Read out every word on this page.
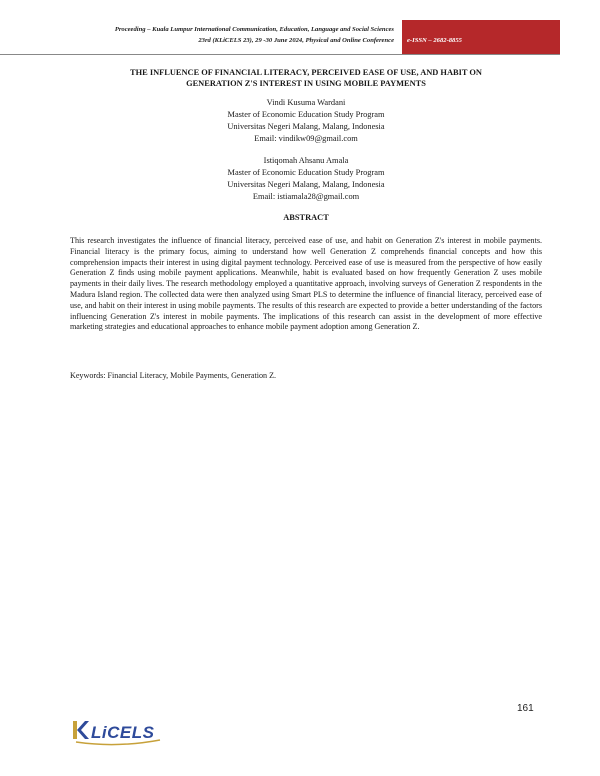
Proceeding – Kuala Lumpur International Communication, Education, Language and Social Sciences
23rd (KLiCELS 23), 29 -30 June 2024, Physical and Online Conference e-ISSN – 2682-8855
THE INFLUENCE OF FINANCIAL LITERACY, PERCEIVED EASE OF USE, AND HABIT ON
GENERATION Z'S INTEREST IN USING MOBILE PAYMENTS
Vindi Kusuma Wardani
Master of Economic Education Study Program
Universitas Negeri Malang, Malang, Indonesia
Email: vindikw09@gmail.com
Istiqomah Ahsanu Amala
Master of Economic Education Study Program
Universitas Negeri Malang, Malang, Indonesia
Email: istiamala28@gmail.com
ABSTRACT
This research investigates the influence of financial literacy, perceived ease of use, and habit on Generation Z's interest in mobile payments. Financial literacy is the primary focus, aiming to understand how well Generation Z comprehends financial concepts and how this comprehension impacts their interest in using digital payment technology. Perceived ease of use is measured from the perspective of how easily Generation Z finds using mobile payment applications. Meanwhile, habit is evaluated based on how frequently Generation Z uses mobile payments in their daily lives. The research methodology employed a quantitative approach, involving surveys of Generation Z respondents in the Madura Island region. The collected data were then analyzed using Smart PLS to determine the influence of financial literacy, perceived ease of use, and habit on their interest in using mobile payments. The results of this research are expected to provide a better understanding of the factors influencing Generation Z's interest in mobile payments. The implications of this research can assist in the development of more effective marketing strategies and educational approaches to enhance mobile payment adoption among Generation Z.
Keywords: Financial Literacy, Mobile Payments, Generation Z.
161
LiCELS
